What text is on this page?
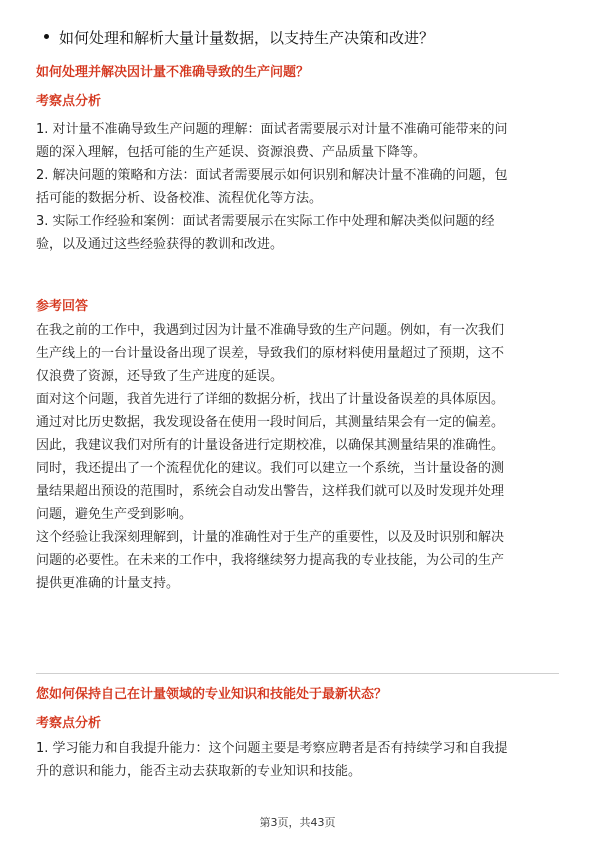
如何处理和解析大量计量数据，以支持生产决策和改进？
如何处理并解决因计量不准确导致的生产问题？
考察点分析
1. 对计量不准确导致生产问题的理解：面试者需要展示对计量不准确可能带来的问
题的深入理解，包括可能的生产延误、资源浪费、产品质量下降等。
2. 解决问题的策略和方法：面试者需要展示如何识别和解决计量不准确的问题，包
括可能的数据分析、设备校准、流程优化等方法。
3. 实际工作经验和案例：面试者需要展示在实际工作中处理和解决类似问题的经
验，以及通过这些经验获得的教训和改进。
参考回答
在我之前的工作中，我遇到过因为计量不准确导致的生产问题。例如，有一次我们
生产线上的一台计量设备出现了误差，导致我们的原材料使用量超过了预期，这不
仅浪费了资源，还导致了生产进度的延误。
面对这个问题，我首先进行了详细的数据分析，找出了计量设备误差的具体原因。
通过对比历史数据，我发现设备在使用一段时间后，其测量结果会有一定的偏差。
因此，我建议我们对所有的计量设备进行定期校准，以确保其测量结果的准确性。
同时，我还提出了一个流程优化的建议。我们可以建立一个系统，当计量设备的测
量结果超出预设的范围时，系统会自动发出警告，这样我们就可以及时发现并处理
问题，避免生产受到影响。
这个经验让我深刻理解到，计量的准确性对于生产的重要性，以及及时识别和解决
问题的必要性。在未来的工作中，我将继续努力提高我的专业技能，为公司的生产
提供更准确的计量支持。
您如何保持自己在计量领域的专业知识和技能处于最新状态？
考察点分析
1. 学习能力和自我提升能力：这个问题主要是考察应聘者是否有持续学习和自我提
升的意识和能力，能否主动去获取新的专业知识和技能。
第3页，共43页
